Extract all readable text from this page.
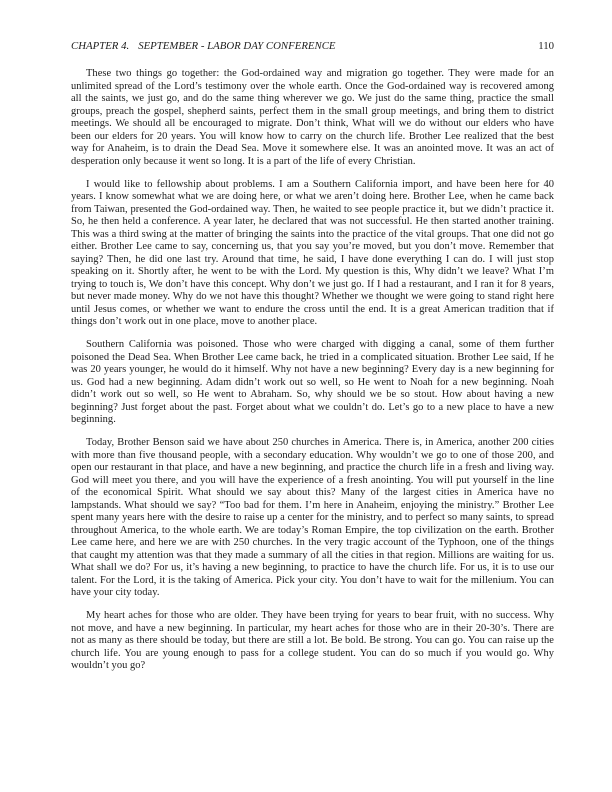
CHAPTER 4. SEPTEMBER - LABOR DAY CONFERENCE	110

These two things go together: the God-ordained way and migration go together. They were made for an unlimited spread of the Lord’s testimony over the whole earth. Once the God-ordained way is recovered among all the saints, we just go, and do the same thing wherever we go. We just do the same thing, practice the small groups, preach the gospel, shepherd saints, perfect them in the small group meetings, and bring them to district meetings. We should all be encouraged to migrate. Don’t think, What will we do without our elders who have been our elders for 20 years. You will know how to carry on the church life. Brother Lee realized that the best way for Anaheim, is to drain the Dead Sea. Move it somewhere else. It was an anointed move. It was an act of desperation only because it went so long. It is a part of the life of every Christian.

I would like to fellowship about problems. I am a Southern California import, and have been here for 40 years. I know somewhat what we are doing here, or what we aren’t doing here. Brother Lee, when he came back from Taiwan, presented the God-ordained way. Then, he waited to see people practice it, but we didn’t practice it. So, he then held a conference. A year later, he declared that was not successful. He then started another training. This was a third swing at the matter of bringing the saints into the practice of the vital groups. That one did not go either. Brother Lee came to say, concerning us, that you say you’re moved, but you don’t move. Remember that saying? Then, he did one last try. Around that time, he said, I have done everything I can do. I will just stop speaking on it. Shortly after, he went to be with the Lord. My question is this, Why didn’t we leave? What I’m trying to touch is, We don’t have this concept. Why don’t we just go. If I had a restaurant, and I ran it for 8 years, but never made money. Why do we not have this thought? Whether we thought we were going to stand right here until Jesus comes, or whether we want to endure the cross until the end. It is a great American tradition that if things don’t work out in one place, move to another place.

Southern California was poisoned. Those who were charged with digging a canal, some of them further poisoned the Dead Sea. When Brother Lee came back, he tried in a complicated situation. Brother Lee said, If he was 20 years younger, he would do it himself. Why not have a new beginning? Every day is a new beginning for us. God had a new beginning. Adam didn’t work out so well, so He went to Noah for a new beginning. Noah didn’t work out so well, so He went to Abraham. So, why should we be so stout. How about having a new beginning? Just forget about the past. Forget about what we couldn’t do. Let’s go to a new place to have a new beginning.

Today, Brother Benson said we have about 250 churches in America. There is, in America, another 200 cities with more than five thousand people, with a secondary education. Why wouldn’t we go to one of those 200, and open our restaurant in that place, and have a new beginning, and practice the church life in a fresh and living way. God will meet you there, and you will have the experience of a fresh anointing. You will put yourself in the line of the economical Spirit. What should we say about this? Many of the largest cities in America have no lampstands. What should we say? “Too bad for them. I’m here in Anaheim, enjoying the ministry.” Brother Lee spent many years here with the desire to raise up a center for the ministry, and to perfect so many saints, to spread throughout America, to the whole earth. We are today’s Roman Empire, the top civilization on the earth. Brother Lee came here, and here we are with 250 churches. In the very tragic account of the Typhoon, one of the things that caught my attention was that they made a summary of all the cities in that region. Millions are waiting for us. What shall we do? For us, it’s having a new beginning, to practice to have the church life. For us, it is to use our talent. For the Lord, it is the taking of America. Pick your city. You don’t have to wait for the millenium. You can have your city today.

My heart aches for those who are older. They have been trying for years to bear fruit, with no success. Why not move, and have a new beginning. In particular, my heart aches for those who are in their 20-30’s. There are not as many as there should be today, but there are still a lot. Be bold. Be strong. You can go. You can raise up the church life. You are young enough to pass for a college student. You can do so much if you would go. Why wouldn’t you go?
